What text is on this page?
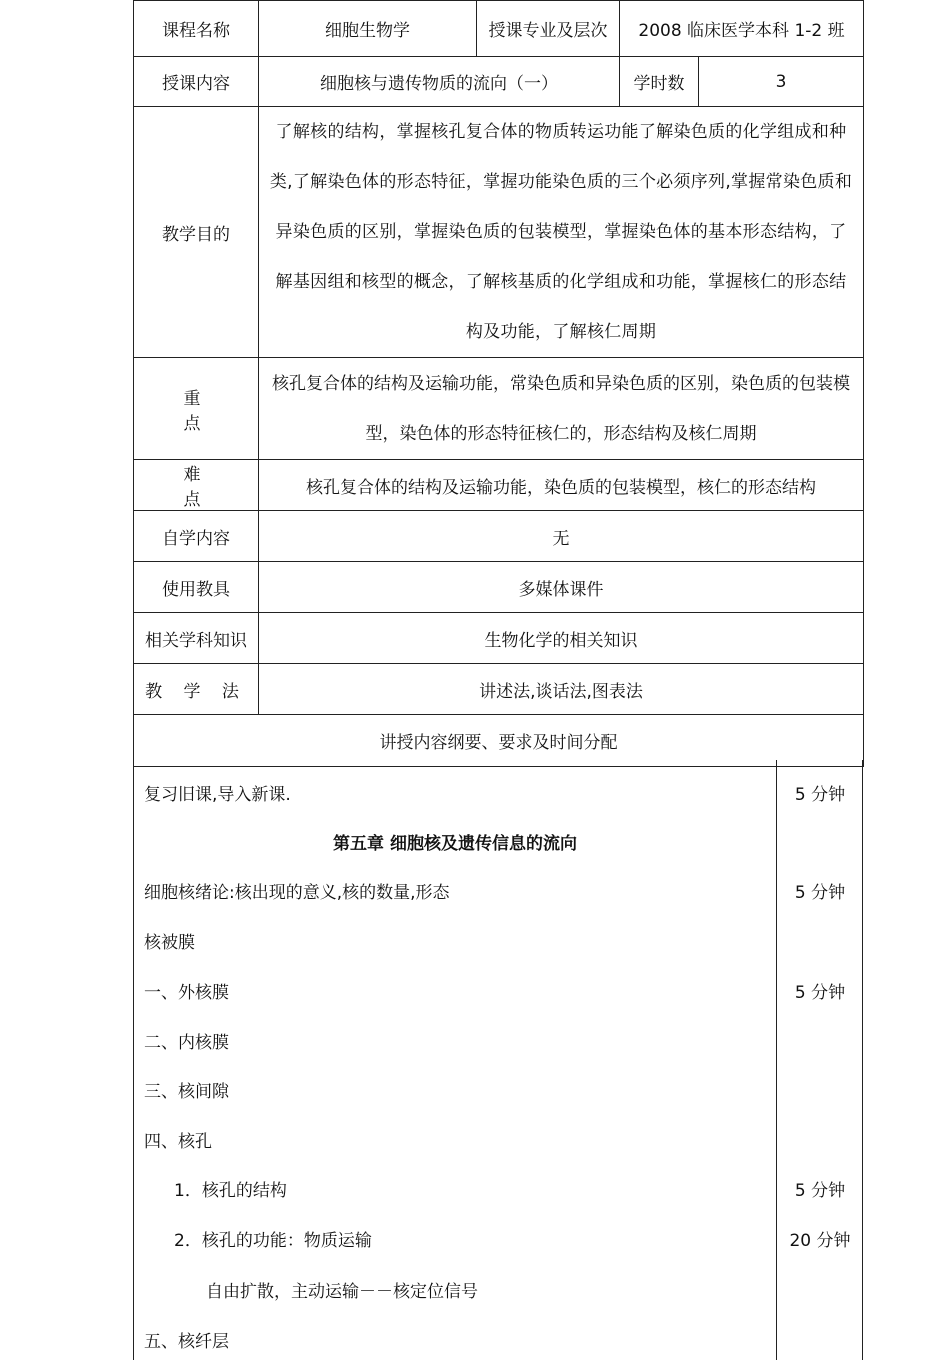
课程名称	细胞生物学	授课专业及层次	2008 临床医学本科 1-2 班	
授课内容	细胞核与遗传物质的流向（一）		学时数	3
教学目的	了解核的结构，掌握核孔复合体的物质转运功能了解染色质的化学组成和种类,了解染色体的形态特征，掌握功能染色质的三个必须序列,掌握常染色质和异染色质的区别，掌握染色质的包装模型，掌握染色体的基本形态结构，了解基因组和核型的概念，了解核基质的化学组成和功能，掌握核仁的形态结构及功能，了解核仁周期			
重 点	核孔复合体的结构及运输功能，常染色质和异染色质的区别，染色质的包装模型，染色体的形态特征核仁的，形态结构及核仁周期			
难 点	核孔复合体的结构及运输功能，染色质的包装模型，核仁的形态结构			
自学内容	无			
使用教具	多媒体课件			
相关学科知识	生物化学的相关知识			
教 学 法	讲述法,谈话法,图表法			
讲授内容纲要、要求及时间分配				
复习旧课,导入新课.	5 分钟
第五章 细胞核及遗传信息的流向
细胞核绪论:核出现的意义,核的数量,形态	5 分钟
核被膜
一、外核膜	5 分钟
二、内核膜
三、核间隙
四、核孔
1．核孔的结构	5 分钟
2．核孔的功能：物质运输	20 分钟
自由扩散，主动运输－－核定位信号
五、核纤层
